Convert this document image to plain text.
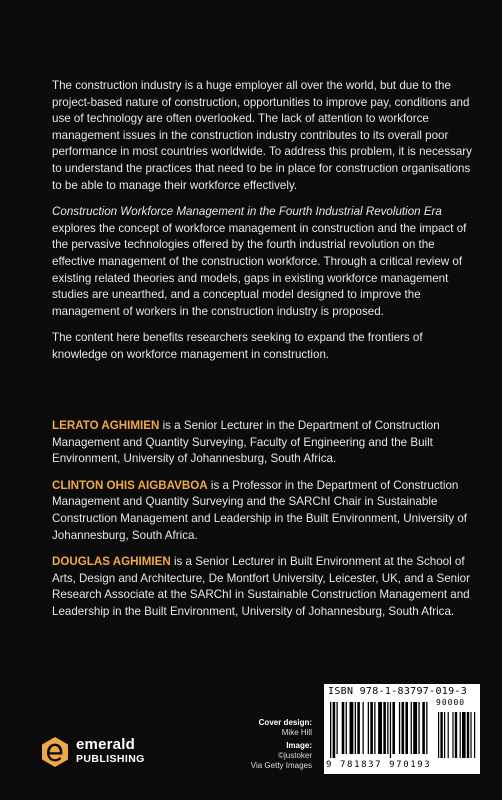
The construction industry is a huge employer all over the world, but due to the project-based nature of construction, opportunities to improve pay, conditions and use of technology are often overlooked. The lack of attention to workforce management issues in the construction industry contributes to its overall poor performance in most countries worldwide. To address this problem, it is necessary to understand the practices that need to be in place for construction organisations to be able to manage their workforce effectively.

Construction Workforce Management in the Fourth Industrial Revolution Era explores the concept of workforce management in construction and the impact of the pervasive technologies offered by the fourth industrial revolution on the effective management of the construction workforce. Through a critical review of existing related theories and models, gaps in existing workforce management studies are unearthed, and a conceptual model designed to improve the management of workers in the construction industry is proposed.

The content here benefits researchers seeking to expand the frontiers of knowledge on workforce management in construction.

LERATO AGHIMIEN is a Senior Lecturer in the Department of Construction Management and Quantity Surveying, Faculty of Engineering and the Built Environment, University of Johannesburg, South Africa.

CLINTON OHIS AIGBAVBOA is a Professor in the Department of Construction Management and Quantity Surveying and the SARChI Chair in Sustainable Construction Management and Leadership in the Built Environment, University of Johannesburg, South Africa.

DOUGLAS AGHIMIEN is a Senior Lecturer in Built Environment at the School of Arts, Design and Architecture, De Montfort University, Leicester, UK, and a Senior Research Associate at the SARChI in Sustainable Construction Management and Leadership in the Built Environment, University of Johannesburg, South Africa.

emerald
PUBLISHING
Cover design:
Mike Hill
Image:
©justoker
Via Getty Images
ISBN 978-1-83797-019-3
90000
9 781837 970193
